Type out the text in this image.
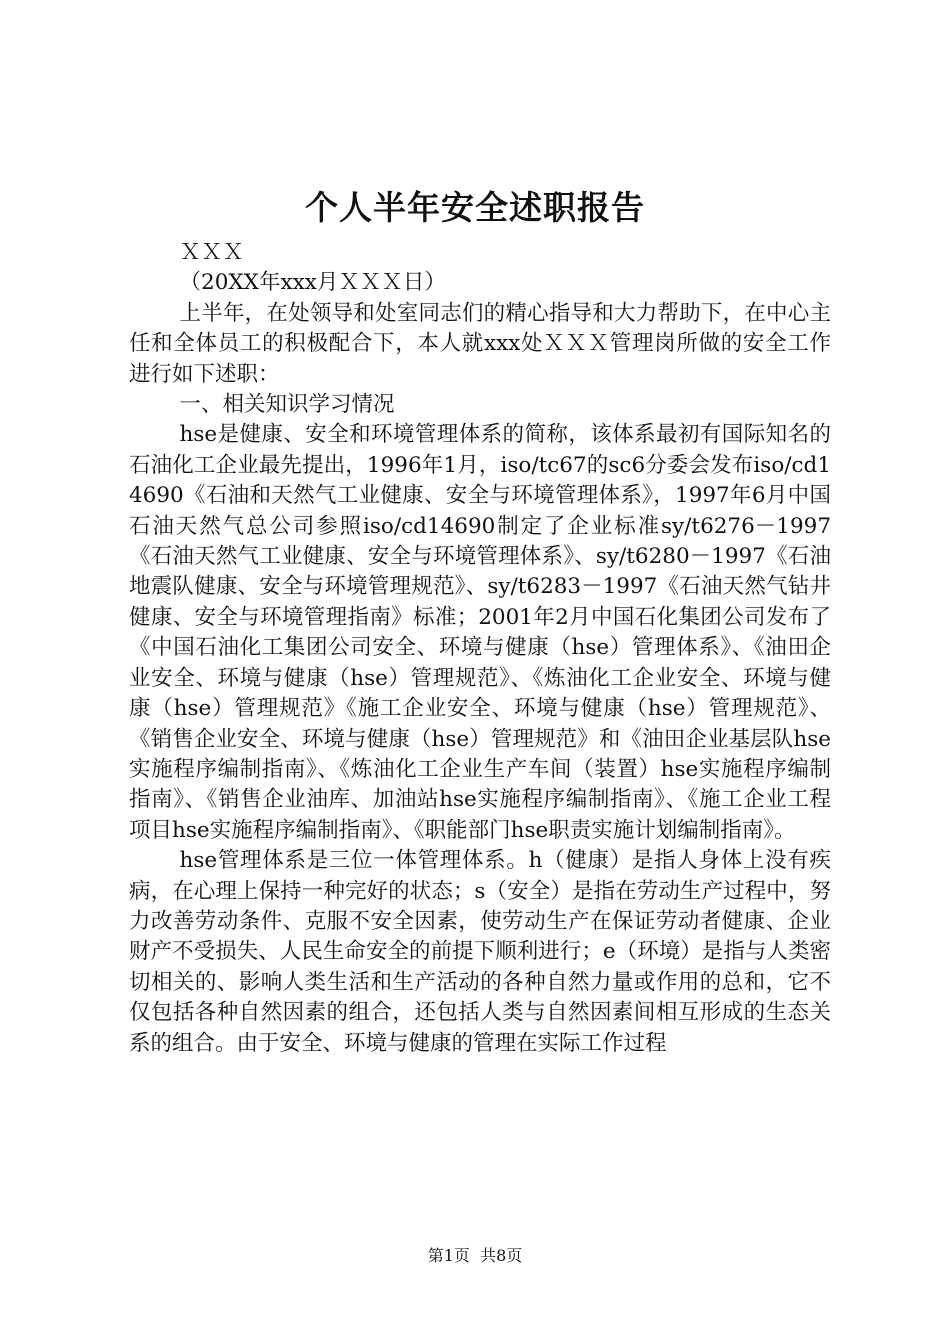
个人半年安全述职报告

ＸＸＸ

（20XX年xxx月ＸＸＸ日）

上半年，在处领导和处室同志们的精心指导和大力帮助下，在中心主任和全体员工的积极配合下，本人就xxx处ＸＸＸ管理岗所做的安全工作进行如下述职：

一、相关知识学习情况

hse是健康、安全和环境管理体系的简称，该体系最初有国际知名的石油化工企业最先提出，1996年1月，iso/tc67的sc6分委会发布iso/cd14690《石油和天然气工业健康、安全与环境管理体系》，1997年6月中国石油天然气总公司参照iso/cd14690制定了企业标准sy/t6276－1997《石油天然气工业健康、安全与环境管理体系》、sy/t6280－1997《石油地震队健康、安全与环境管理规范》、sy/t6283－1997《石油天然气钻井健康、安全与环境管理指南》标准；2001年2月中国石化集团公司发布了《中国石油化工集团公司安全、环境与健康（hse）管理体系》、《油田企业安全、环境与健康（hse）管理规范》、《炼油化工企业安全、环境与健康（hse）管理规范》《施工企业安全、环境与健康（hse）管理规范》、《销售企业安全、环境与健康（hse）管理规范》和《油田企业基层队hse实施程序编制指南》、《炼油化工企业生产车间（装置）hse实施程序编制指南》、《销售企业油库、加油站hse实施程序编制指南》、《施工企业工程项目hse实施程序编制指南》、《职能部门hse职责实施计划编制指南》。

hse管理体系是三位一体管理体系。h（健康）是指人身体上没有疾病，在心理上保持一种完好的状态；s（安全）是指在劳动生产过程中，努力改善劳动条件、克服不安全因素，使劳动生产在保证劳动者健康、企业财产不受损失、人民生命安全的前提下顺利进行；e（环境）是指与人类密切相关的、影响人类生活和生产活动的各种自然力量或作用的总和，它不仅包括各种自然因素的组合，还包括人类与自然因素间相互形成的生态关系的组合。由于安全、环境与健康的管理在实际工作过程

第1页 共8页
